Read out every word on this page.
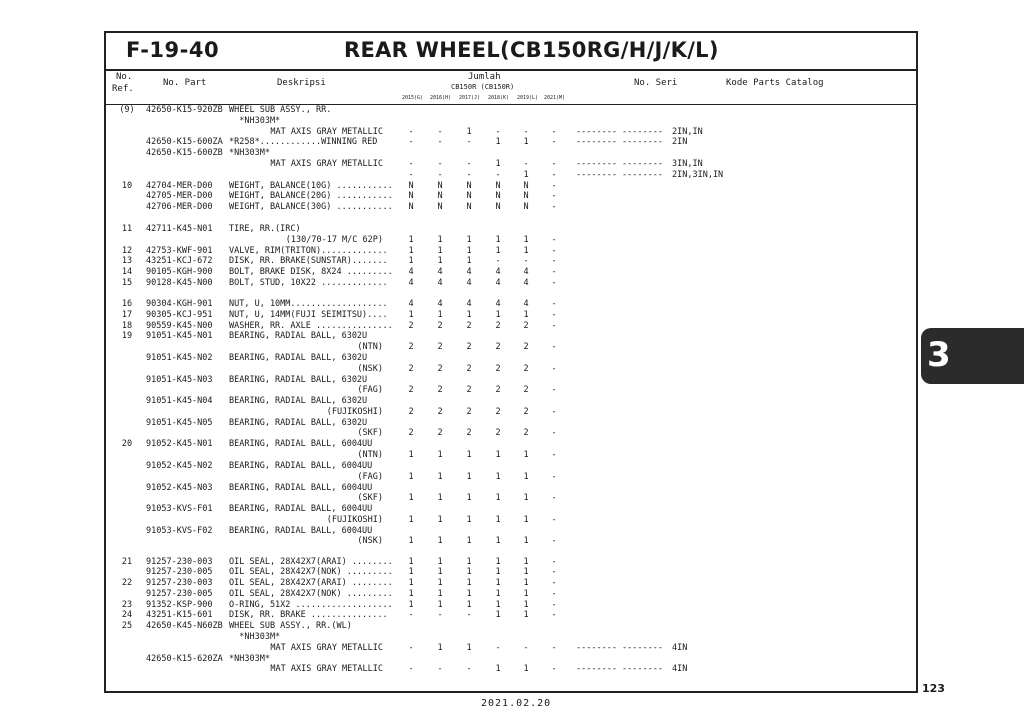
F-19-40	REAR WHEEL(CB150RG/H/J/K/L)
No.
Ref.
No. Part	Deskripsi
Jumlah
CB150R (CB150R)
2015(G) 2016(H) 2017(J) 2018(K) 2019(L) 2021(M)
No. Seri	Kode Parts Catalog
(9)	42650-K15-920ZB WHEEL SUB ASSY., RR.
*NH303M*
MAT AXIS GRAY METALLIC	-	-	1	-	-	-	-------- -------- 2IN,IN
42650-K15-600ZA *R258*............WINNING RED	-	-	-	1	1	-	-------- -------- 2IN
42650-K15-600ZB *NH303M*
MAT AXIS GRAY METALLIC	-	-	-	1	-	-	-------- -------- 3IN,IN
-	-	-	-	1	-	-------- -------- 2IN,3IN,IN
10	42704-MER-D00 WEIGHT, BALANCE(10G) ...........	N	N	N	N	N	-
42705-MER-D00 WEIGHT, BALANCE(20G) ...........	N	N	N	N	N	-
42706-MER-D00 WEIGHT, BALANCE(30G) ...........	N	N	N	N	N	-
11	42711-K45-N01 TIRE, RR.(IRC)
(130/70-17 M/C 62P)	1	1	1	1	1	-
12	42753-KWF-901 VALVE, RIM(TRITON).............	1	1	1	1	1	-
13	43251-KCJ-672 DISK, RR. BRAKE(SUNSTAR).......	1	1	1	-	-	-
14	90105-KGH-900 BOLT, BRAKE DISK, 8X24 .........	4	4	4	4	4	-
15	90128-K45-N00 BOLT, STUD, 10X22 .............	4	4	4	4	4	-
16	90304-KGH-901 NUT, U, 10MM...................	4	4	4	4	4	-
17	90305-KCJ-951 NUT, U, 14MM(FUJI SEIMITSU)....	1	1	1	1	1	-
18	90559-K45-N00 WASHER, RR. AXLE ...............	2	2	2	2	2	-
19	91051-K45-N01 BEARING, RADIAL BALL, 6302U
(NTN)	2	2	2	2	2	-
91051-K45-N02 BEARING, RADIAL BALL, 6302U
(NSK)	2	2	2	2	2	-
91051-K45-N03 BEARING, RADIAL BALL, 6302U
(FAG)	2	2	2	2	2	-
91051-K45-N04 BEARING, RADIAL BALL, 6302U
(FUJIKOSHI)	2	2	2	2	2	-
91051-K45-N05 BEARING, RADIAL BALL, 6302U
(SKF)	2	2	2	2	2	-
20	91052-K45-N01 BEARING, RADIAL BALL, 6004UU
(NTN)	1	1	1	1	1	-
91052-K45-N02 BEARING, RADIAL BALL, 6004UU
(FAG)	1	1	1	1	1	-
91052-K45-N03 BEARING, RADIAL BALL, 6004UU
(SKF)	1	1	1	1	1	-
91053-KVS-F01 BEARING, RADIAL BALL, 6004UU
(FUJIKOSHI)	1	1	1	1	1	-
91053-KVS-F02 BEARING, RADIAL BALL, 6004UU
(NSK)	1	1	1	1	1	-
21	91257-230-003 OIL SEAL, 28X42X7(ARAI) ........	1	1	1	1	1	-
91257-230-005 OIL SEAL, 28X42X7(NOK) .........	1	1	1	1	1	-
22	91257-230-003 OIL SEAL, 28X42X7(ARAI) ........	1	1	1	1	1	-
91257-230-005 OIL SEAL, 28X42X7(NOK) .........	1	1	1	1	1	-
23	91352-KSP-900 O-RING, 51X2 ...................	1	1	1	1	1	-
24	43251-K15-601 DISK, RR. BRAKE ...............	-	-	-	1	1	-
25	42650-K45-N60ZB WHEEL SUB ASSY., RR.(WL)
*NH303M*
MAT AXIS GRAY METALLIC	-	1	1	-	-	-	-------- -------- 4IN
42650-K15-620ZA *NH303M*
MAT AXIS GRAY METALLIC	-	-	-	1	1	-	-------- -------- 4IN
3
123
2021.02.20
